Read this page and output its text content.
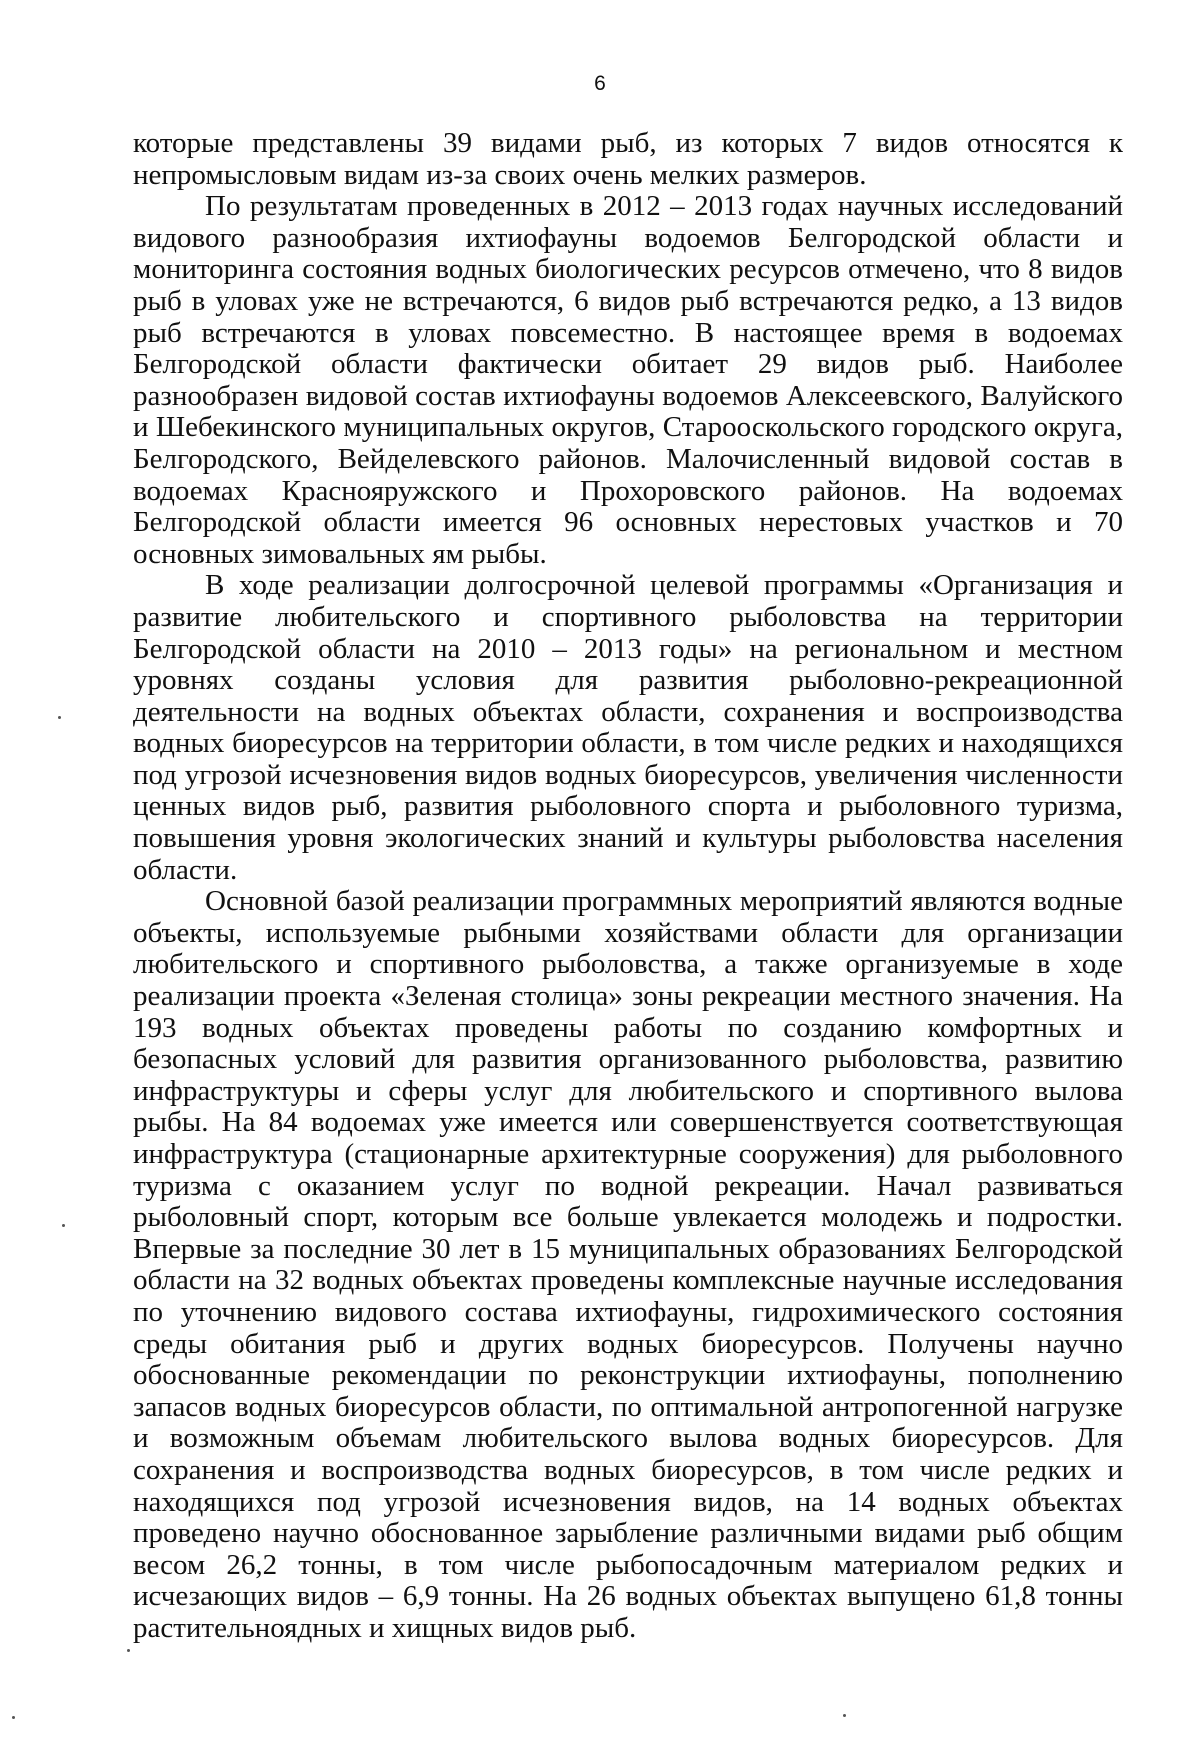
6

которые представлены 39 видами рыб, из которых 7 видов относятся к непромысловым видам из-за своих очень мелких размеров.

По результатам проведенных в 2012 – 2013 годах научных исследований видового разнообразия ихтиофауны водоемов Белгородской области и мониторинга состояния водных биологических ресурсов отмечено, что 8 видов рыб в уловах уже не встречаются, 6 видов рыб встречаются редко, а 13 видов рыб встречаются в уловах повсеместно. В настоящее время в водоемах Белгородской области фактически обитает 29 видов рыб. Наиболее разнообразен видовой состав ихтиофауны водоемов Алексеевского, Валуйского и Шебекинского муниципальных округов, Старооскольского городского округа, Белгородского, Вейделевского районов. Малочисленный видовой состав в водоемах Краснояружского и Прохоровского районов. На водоемах Белгородской области имеется 96 основных нерестовых участков и 70 основных зимовальных ям рыбы.

В ходе реализации долгосрочной целевой программы «Организация и развитие любительского и спортивного рыболовства на территории Белгородской области на 2010 – 2013 годы» на региональном и местном уровнях созданы условия для развития рыболовно-рекреационной деятельности на водных объектах области, сохранения и воспроизводства водных биоресурсов на территории области, в том числе редких и находящихся под угрозой исчезновения видов водных биоресурсов, увеличения численности ценных видов рыб, развития рыболовного спорта и рыболовного туризма, повышения уровня экологических знаний и культуры рыболовства населения области.

Основной базой реализации программных мероприятий являются водные объекты, используемые рыбными хозяйствами области для организации любительского и спортивного рыболовства, а также организуемые в ходе реализации проекта «Зеленая столица» зоны рекреации местного значения. На 193 водных объектах проведены работы по созданию комфортных и безопасных условий для развития организованного рыболовства, развитию инфраструктуры и сферы услуг для любительского и спортивного вылова рыбы. На 84 водоемах уже имеется или совершенствуется соответствующая инфраструктура (стационарные архитектурные сооружения) для рыболовного туризма с оказанием услуг по водной рекреации. Начал развиваться рыболовный спорт, которым все больше увлекается молодежь и подростки. Впервые за последние 30 лет в 15 муниципальных образованиях Белгородской области на 32 водных объектах проведены комплексные научные исследования по уточнению видового состава ихтиофауны, гидрохимического состояния среды обитания рыб и других водных биоресурсов. Получены научно обоснованные рекомендации по реконструкции ихтиофауны, пополнению запасов водных биоресурсов области, по оптимальной антропогенной нагрузке и возможным объемам любительского вылова водных биоресурсов. Для сохранения и воспроизводства водных биоресурсов, в том числе редких и находящихся под угрозой исчезновения видов, на 14 водных объектах проведено научно обоснованное зарыбление различными видами рыб общим весом 26,2 тонны, в том числе рыбопосадочным материалом редких и исчезающих видов – 6,9 тонны. На 26 водных объектах выпущено 61,8 тонны растительноядных и хищных видов рыб.
